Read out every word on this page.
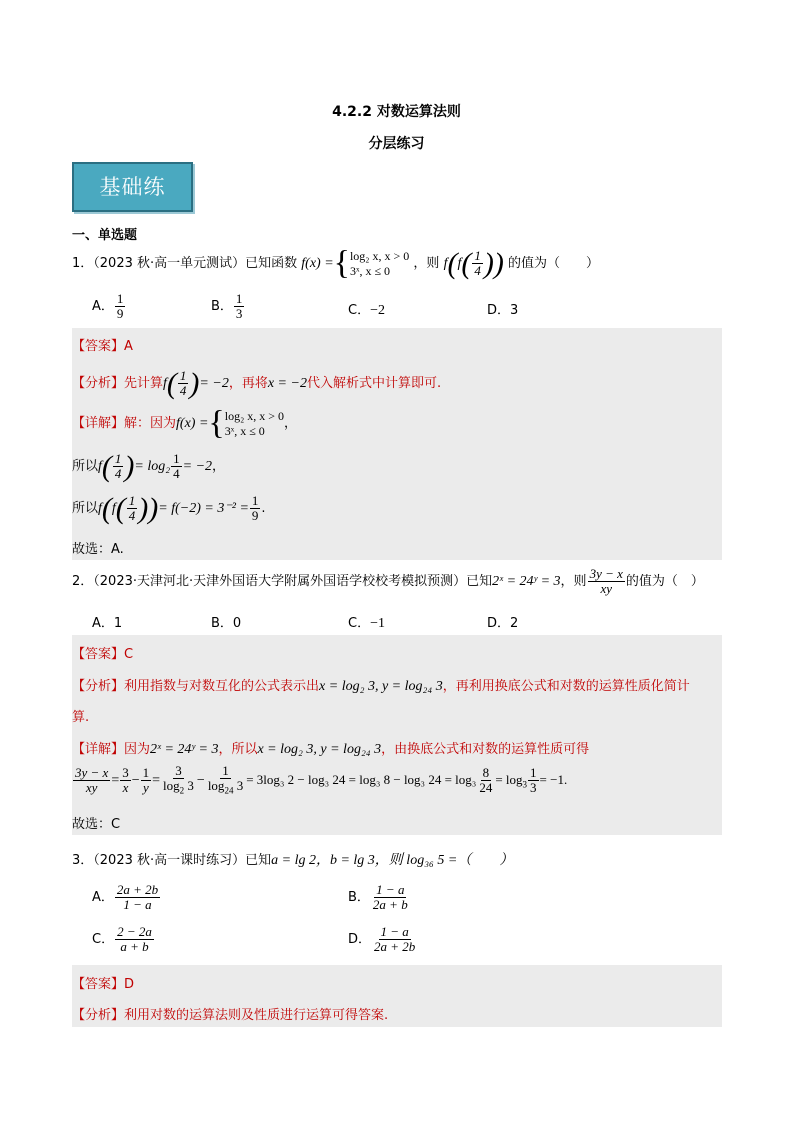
4.2.2 对数运算法则
分层练习
基础练
一、单选题
1．（2023 秋·高一单元测试）已知函数 f(x) ={ log₂ x, x > 0
3ˣ, x ≤ 0	，则 $f(f( \frac{1}{4}$ )) 的值为（　　）
A． $\frac{1}{9}$	B． $\frac{1}{3}$	C．−2	D．3
【答案】A
【分析】先计算$f( \frac{1}{4}$ )= −2，再将x = −2代入解析式中计算即可.
【详解】解：因为f(x) ={ log₂ x, x > 0
3ˣ, x ≤ 0	，
所以$f( \frac{1}{4}$ )= $\log_2 \frac{1}{4} = -2$，
所以$f(f( \frac{1}{4}$ ))= $f(-2) = 3^{-2} = \frac{1}{9}$ .
故选：A.
2．（2023·天津河北·天津外国语大学附属外国语学校校考模拟预测）已知2ˣ = 24ʸ = 3，则 $\frac{3y - x}{xy}$ 的值为（　）
A．1	B．0	C．−1	D．2
【答案】C
【分析】利用指数与对数互化的公式表示出x = log₂ 3, y = log₂₄ 3，再利用换底公式和对数的运算性质化简计
算.
【详解】因为2ˣ = 24ʸ = 3，所以x = log₂ 3, y = log₂₄ 3，由换底公式和对数的运算性质可得
$\frac{3y - x}{xy} = \frac{3}{x} - \frac{1}{y} = \frac{3}{\log_2 3} - \frac{1}{\log_{24} 3} = 3\log_3$ 2 − log₃ 24 = log₃ 8 − log₃ $24 = \log_3 \frac{8}{24} = \log_3 \frac{1}{3} = -1$.
故选：C
3．（2023 秋·高一课时练习）已知a = lg 2，b = lg 3，则 log₃₆ 5 =（　　）
A． $\frac{2a + 2b}{1 - a}$	B． $\frac{1 - a}{2a + b}$
C． $\frac{2 - 2a}{a + b}$	D． $\frac{1 - a}{2a + 2b}$
【答案】D
【分析】利用对数的运算法则及性质进行运算可得答案.
